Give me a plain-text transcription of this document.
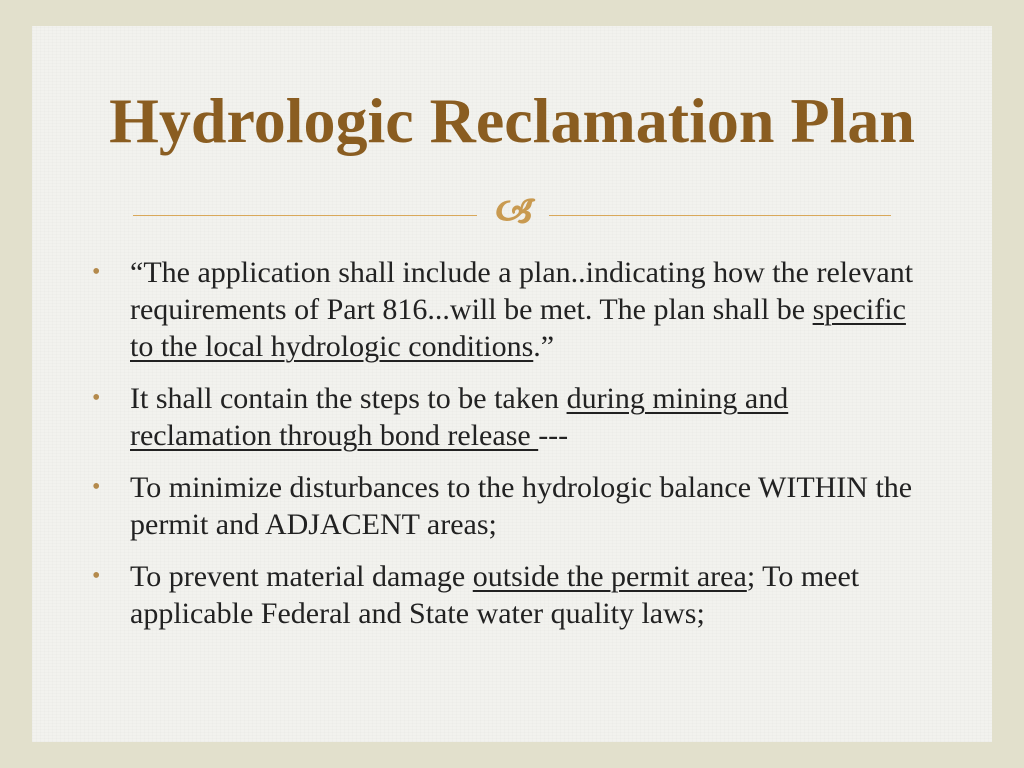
Hydrologic Reclamation Plan
🙢
• “The application shall include a plan..indicating how the relevant requirements of Part 816...will be met. The plan shall be specific to the local hydrologic conditions.”
• It shall contain the steps to be taken during mining and reclamation through bond release ---
• To minimize disturbances to the hydrologic balance WITHIN the permit and ADJACENT areas;
• To prevent material damage outside the permit area; To meet applicable Federal and State water quality laws;
